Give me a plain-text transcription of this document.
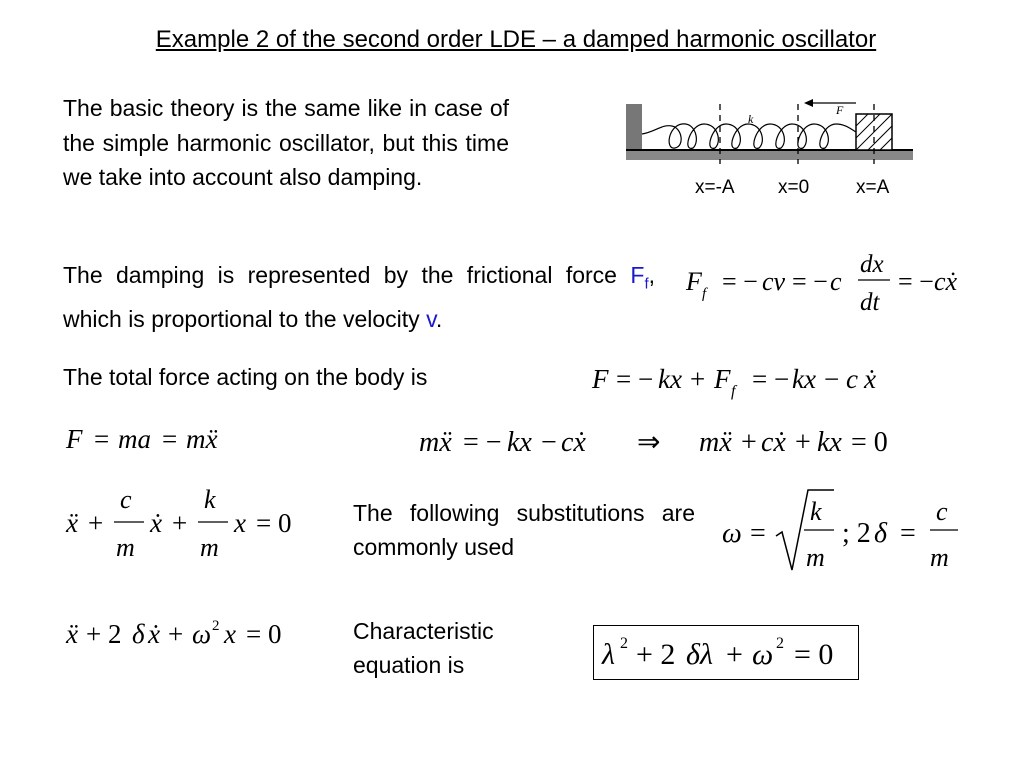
Example 2 of the second order LDE – a damped harmonic oscillator
The basic theory is the same like in case of the simple harmonic oscillator, but this time we take into account also damping.
F
k
x=-A x=0 x=A
The damping is represented by the frictional force $F_f$, which is proportional to the velocity v.
F f = − cv = − c
dx
dt
= − cẋ
The total force acting on the body is	F = − kx + F f = − kx − c ẋ
F = ma = mẍ	mẍ = − kx − cẋ ⇒ mẍ + cẋ + kx = 0
ẍ +
c
m
ẋ +
k
m
x = 0	The following substitutions are commonly used	ω =
k
m
; 2 δ =
c
m
ẍ + 2 δ ẋ + ω 2 x = 0	Characteristic equation is	λ 2 + 2 δλ + ω 2 = 0
